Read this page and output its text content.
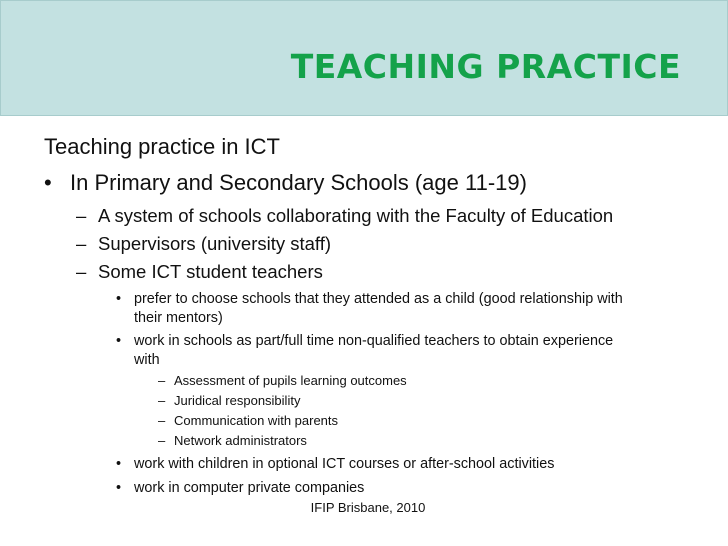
TEACHING PRACTICE
Teaching practice in ICT
• In Primary and Secondary Schools (age 11-19)
– A system of schools collaborating with the Faculty of Education
– Supervisors (university staff)
– Some ICT student teachers
• prefer to choose schools that they attended as a child (good relationship with
their mentors)
• work in schools as part/full time non-qualified teachers to obtain experience
with
– Assessment of pupils learning outcomes
– Juridical responsibility
– Communication with parents
– Network administrators
• work with children in optional ICT courses or after-school activities
• work in computer private companies
IFIP Brisbane, 2010
